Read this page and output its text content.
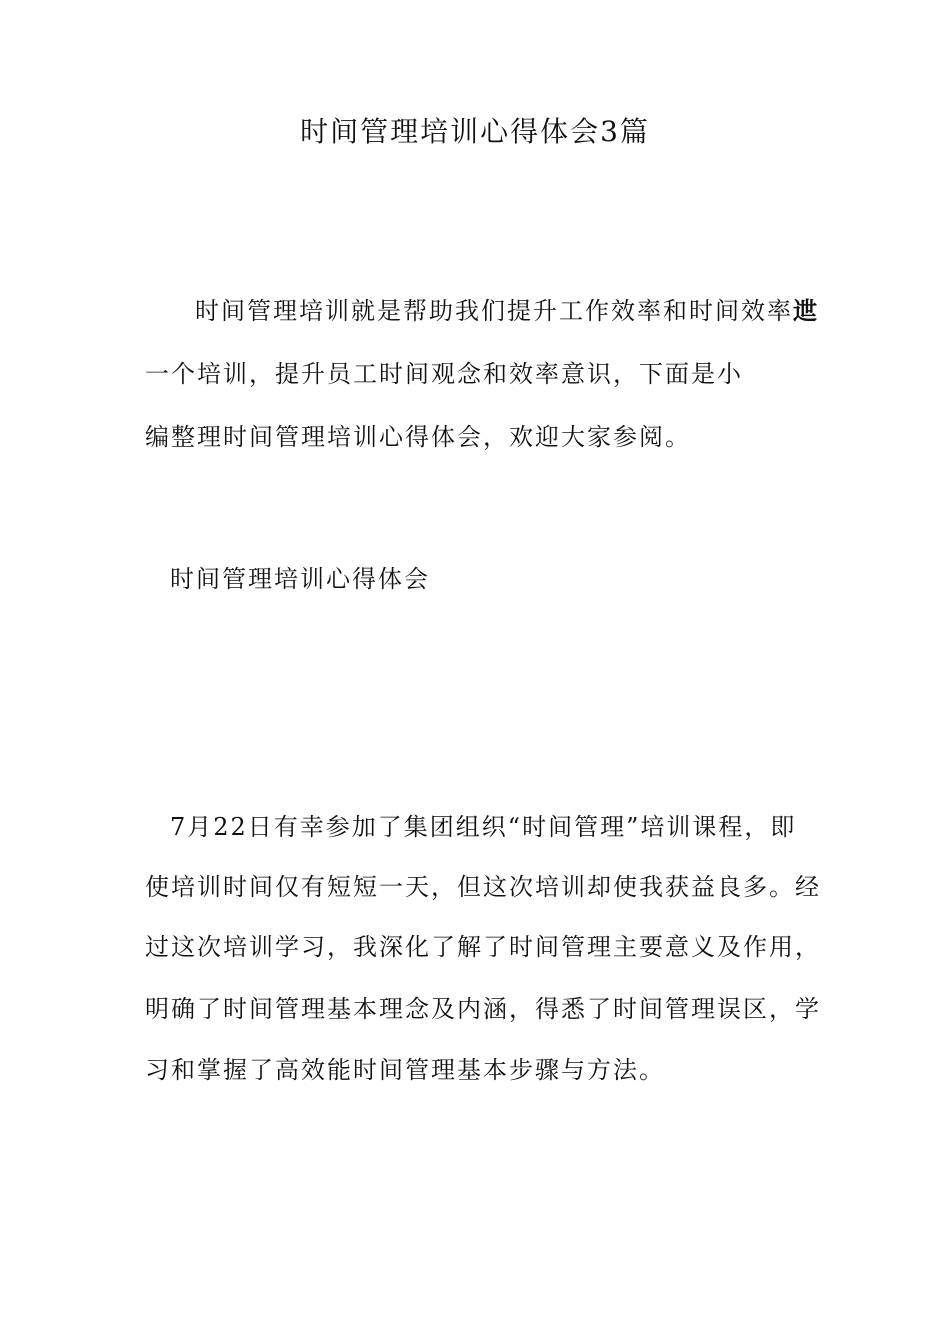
时间管理培训心得体会3篇
时间管理培训就是帮助我们提升工作效率和时间效率迣
一个培训，提升员工时间观念和效率意识，下面是小
编整理时间管理培训心得体会，欢迎大家参阅。
时间管理培训心得体会
7月22日有幸参加了集团组织“时间管理”培训课程，即
使培训时间仅有短短一天，但这次培训却使我获益良多。经
过这次培训学习，我深化了解了时间管理主要意义及作用，
明确了时间管理基本理念及内涵，得悉了时间管理误区，学
习和掌握了高效能时间管理基本步骤与方法。
